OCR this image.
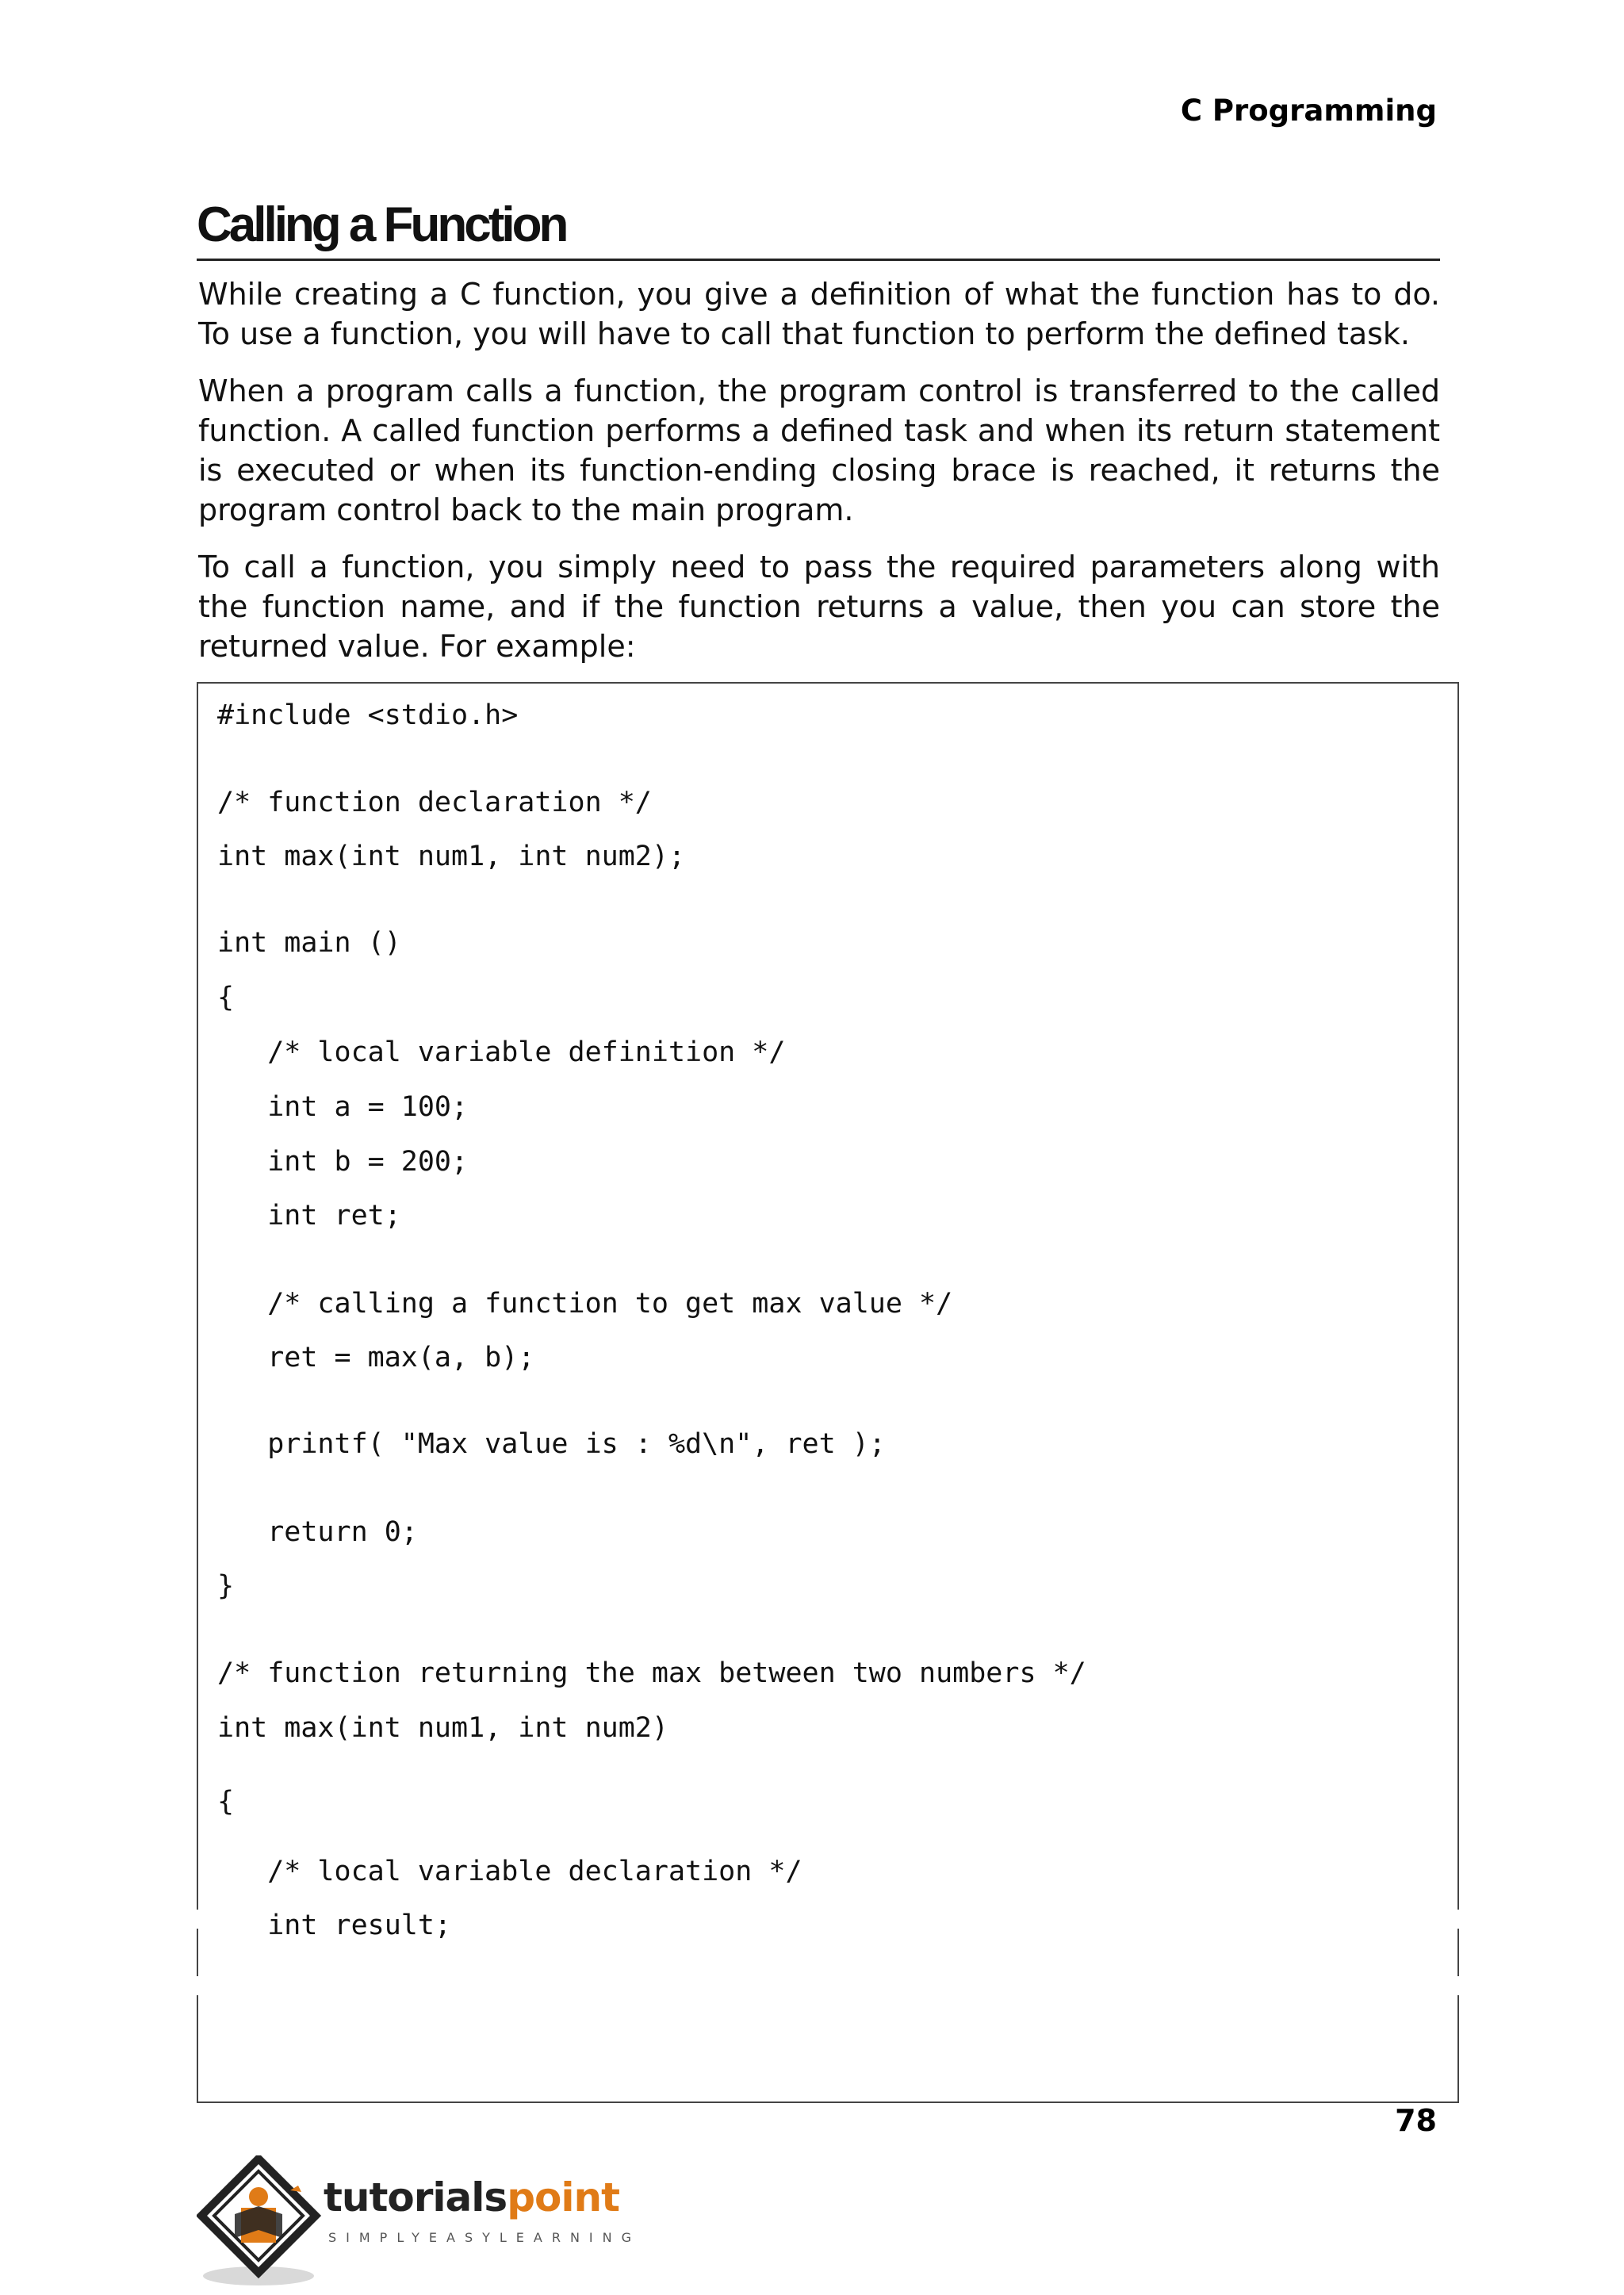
C Programming
Calling a Function

While creating a C function, you give a definition of what the function has to do. To use a function, you will have to call that function to perform the defined task.

When a program calls a function, the program control is transferred to the called function. A called function performs a defined task and when its return statement is executed or when its function-ending closing brace is reached, it returns the program control back to the main program.

To call a function, you simply need to pass the required parameters along with the function name, and if the function returns a value, then you can store the returned value. For example:

#include <stdio.h>
/* function declaration */
int max(int num1, int num2);
int main ()
{
/* local variable definition */
int a = 100;
int b = 200;
int ret;
/* calling a function to get max value */
ret = max(a, b);
printf( "Max value is : %d\n", ret );
return 0;
}
/* function returning the max between two numbers */
int max(int num1, int num2)
{
/* local variable declaration */
int result;
78
tutorialspoint
SIMPLYEASYLEARNING
